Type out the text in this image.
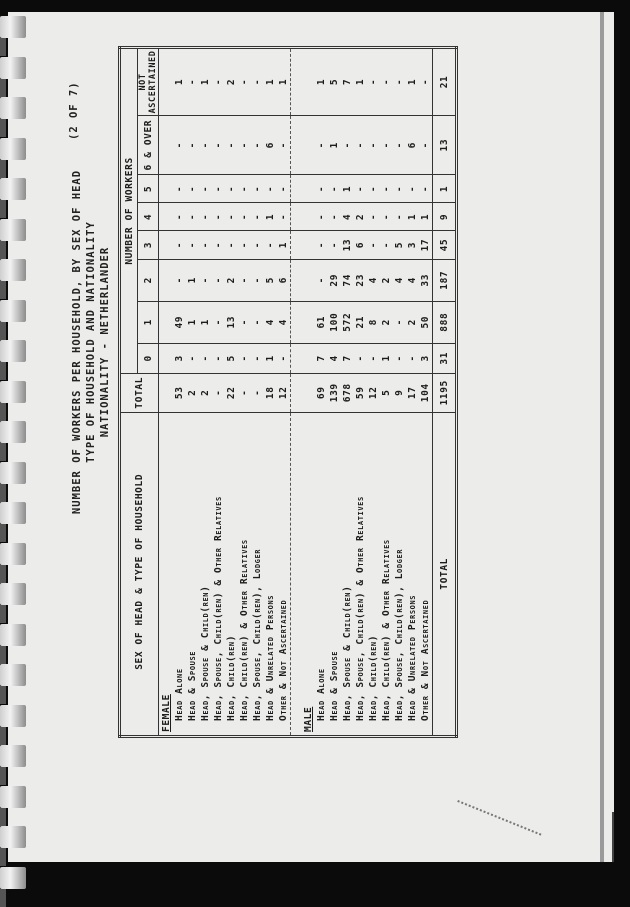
(2 OF 7)
NUMBER OF WORKERS PER HOUSEHOLD, BY SEX OF HEAD TYPE OF HOUSEHOLD AND NATIONALITY NATIONALITY - NETHERLANDER
SEX OF HEAD & TYPE OF HOUSEHOLD	TOTAL	NUMBER OF WORKERS							
		0	1	2	3	4	5	6 & OVER	NOT ASCERTAINED
FEMALE									
Head Alone	53	3	49	-	-	-	-	-	1
Head & Spouse	2	-	1	1	-	-	-	-	-
Head, Spouse & Child(ren)	2	-	1	-	-	-	-	-	1
Head, Spouse, Child(ren) & Other Relatives	-	-	-	-	-	-	-	-	-
Head, Child(ren)	22	5	13	2	-	-	-	-	2
Head, Child(ren) & Other Relatives	-	-	-	-	-	-	-	-	-
Head, Spouse, Child(ren), Lodger	-	-	-	-	-	-	-	-	-
Head & Unrelated Persons	18	1	4	5	-	1	-	6	1
Other & Not Ascertained	12	-	4	6	1	-	-	-	1

MALE									
Head Alone	69	7	61	-	-	-	-	-	1
Head & Spouse	139	4	100	29	-	-	-	1	5
Head, Spouse & Child(ren)	678	7	572	74	13	4	1	-	7
Head, Spouse, Child(ren) & Other Relatives	59	-	21	23	6	2	-	-	1
Head, Child(ren)	12	-	8	4	-	-	-	-	-
Head, Child(ren) & Other Relatives	5	1	2	2	-	-	-	-	-
Head, Spouse, Child(ren), Lodger	9	-	-	4	5	-	-	-	-
Head & Unrelated Persons	17	-	2	4	3	1	-	6	1
Other & Not Ascertained	104	3	50	33	17	1	-	-	-
TOTAL	1195	31	888	187	45	9	1	13	21
